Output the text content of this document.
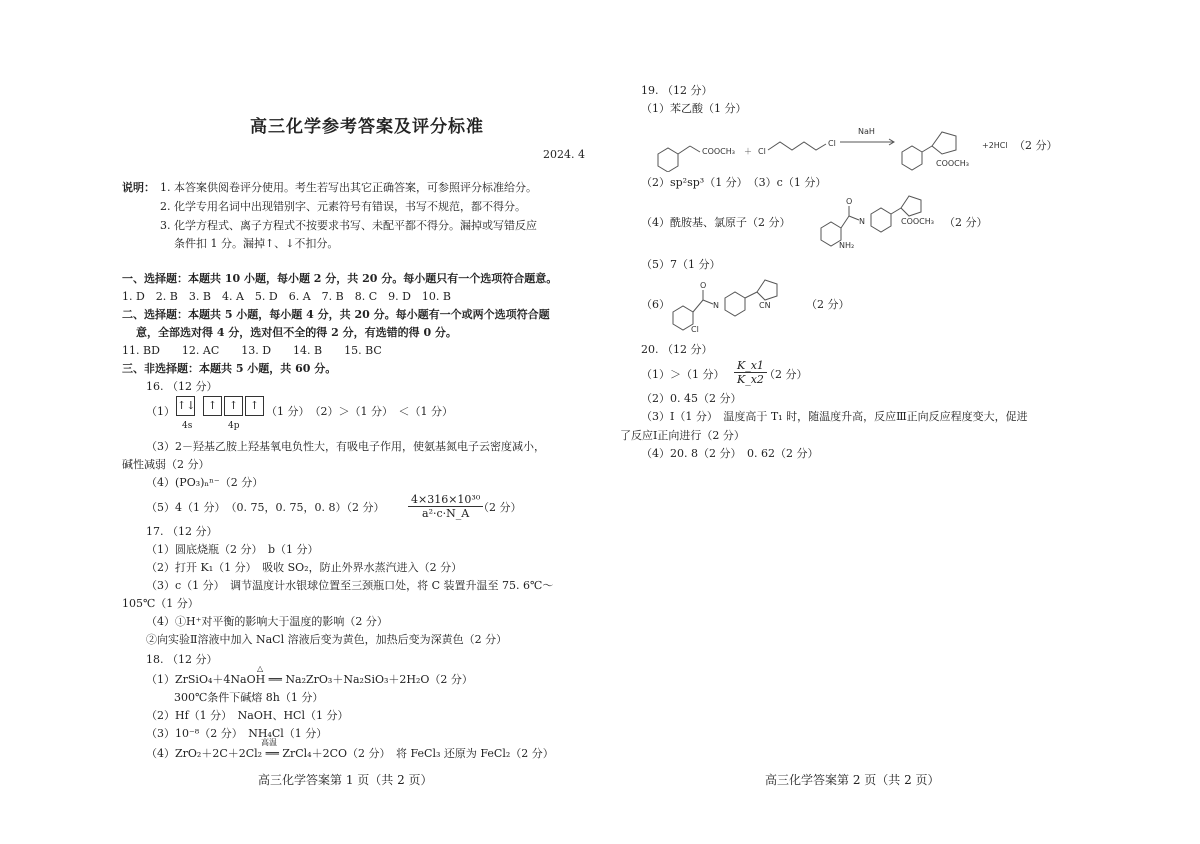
高三化学参考答案及评分标准
2024. 4
说明： 1. 本答案供阅卷评分使用。考生若写出其它正确答案，可参照评分标准给分。
2. 化学专用名词中出现错别字、元素符号有错误，书写不规范，都不得分。
3. 化学方程式、离子方程式不按要求书写、未配平都不得分。漏掉或写错反应
条件扣 1 分。漏掉↑、↓不扣分。
一、选择题：本题共 10 小题，每小题 2 分，共 20 分。每小题只有一个选项符合题意。
1. D　2. B　3. B　4. A　5. D　6. A　7. B　8. C　9. D　10. B
二、选择题：本题共 5 小题，每小题 4 分，共 20 分。每小题有一个或两个选项符合题
意，全部选对得 4 分，选对但不全的得 2 分，有选错的得 0 分。
11. BD　　12. AC　　13. D　　14. B　　15. BC
三、非选择题：本题共 5 小题，共 60 分。
16. （12 分）
（1） ↑↓ ↑ ↑ ↑
4s	4p
（1 分）　（2）＞（1 分）　＜（1 分）
（3）2－羟基乙胺上羟基氧电负性大，有吸电子作用，使氨基氮电子云密度减小，
碱性减弱（2 分）
（4）(PO₃)ₙⁿ⁻（2 分）
（5）4（1 分）　（0. 75，0. 75，0. 8）（2 分） $\frac{\text{4×316×10³⁰}}{\text{a²·c·N\_A}}$
（2 分）
17. （12 分）
（1）圆底烧瓶（2 分）　b（1 分）
（2）打开 K₁（1 分）　吸收 SO₂，防止外界水蒸汽进入（2 分）
（3）c（1 分）　调节温度计水银球位置至三颈瓶口处，将 C 装置升温至 75. 6℃～
105℃（1 分）
（4）①H⁺对平衡的影响大于温度的影响（2 分）
②向实验Ⅱ溶液中加入 NaCl 溶液后变为黄色，加热后变为深黄色（2 分）
18. （12 分）
△
（1）ZrSiO₄＋4NaOH ══ Na₂ZrO₃＋Na₂SiO₃＋2H₂O（2 分）
300℃条件下碱熔 8h（1 分）
（2）Hf（1 分）　NaOH、HCl（1 分）
（3）10⁻⁸（2 分）　NH₄Cl（1 分）
高温
（4）ZrO₂＋2C＋2Cl₂ ══ ZrCl₄＋2CO（2 分）　将 FeCl₃ 还原为 FeCl₂（2 分）
高三化学答案第 1 页（共 2 页）
19. （12 分）
（1）苯乙酸（1 分）
COOCH₃ ＋ Cl
Cl
NaH
COOCH₃
+2HCl （2 分）
（2）sp²sp³（1 分）　（3）c（1 分）
（4）酰胺基、氯原子（2 分）
O
N
NH₂
COOCH₃ （2 分）
（5）7（1 分）
（6）
O
N
Cl
CN	（2 分）
20. （12 分）
（1）＞（1 分） $\frac{K\_x1}{K\_x2}$
（2 分）
（2）0. 45（2 分）
（3）Ⅰ（1 分）　温度高于 T₁ 时，随温度升高，反应Ⅲ正向反应程度变大，促进
了反应Ⅰ正向进行（2 分）
（4）20. 8（2 分）　0. 62（2 分）
高三化学答案第 2 页（共 2 页）
